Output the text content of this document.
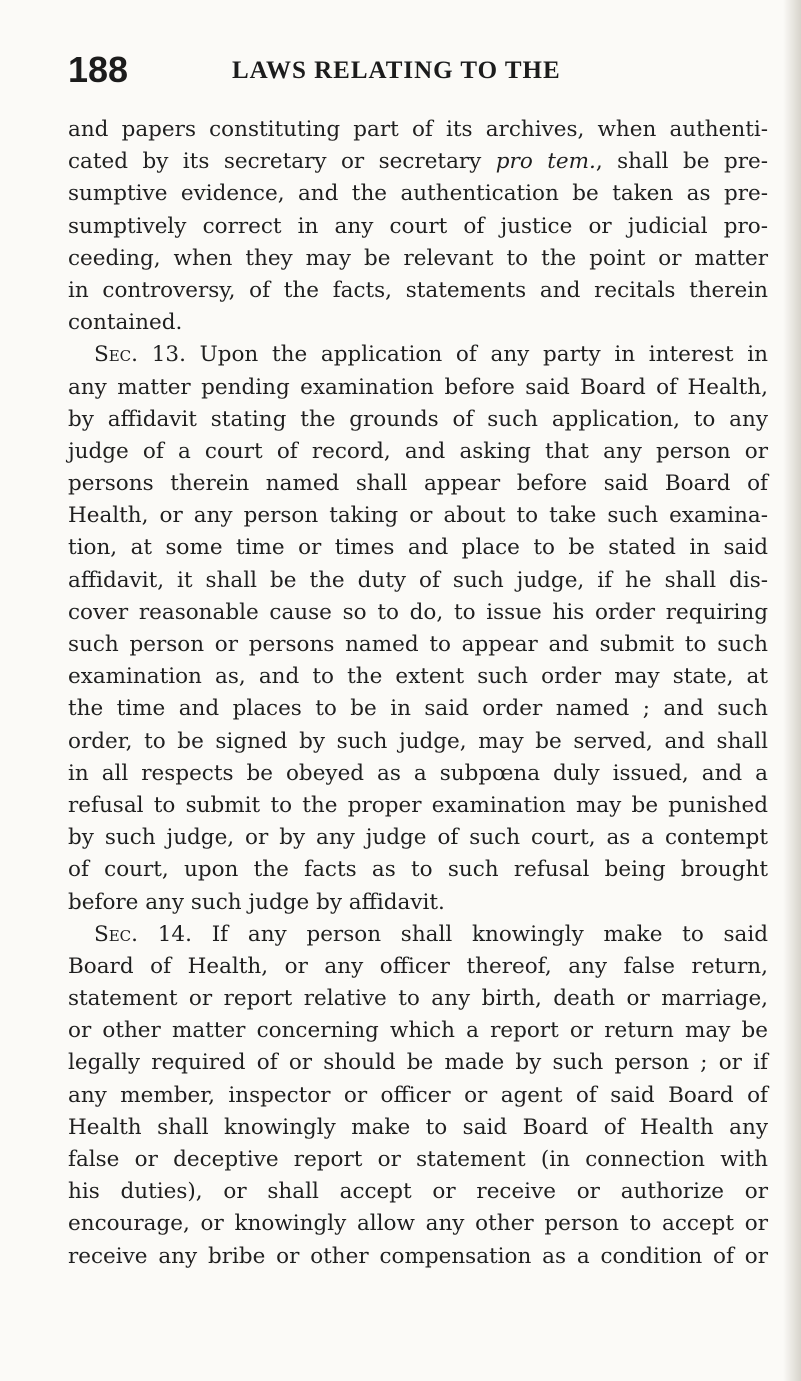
188	LAWS RELATING TO THE
and papers constituting part of its archives, when authenti-
cated by its secretary or secretary pro tem., shall be pre-
sumptive evidence, and the authentication be taken as pre-
sumptively correct in any court of justice or judicial pro-
ceeding, when they may be relevant to the point or matter
in controversy, of the facts, statements and recitals therein
contained.
Sec. 13. Upon the application of any party in interest in
any matter pending examination before said Board of Health,
by affidavit stating the grounds of such application, to any
judge of a court of record, and asking that any person or
persons therein named shall appear before said Board of
Health, or any person taking or about to take such examina-
tion, at some time or times and place to be stated in said
affidavit, it shall be the duty of such judge, if he shall dis-
cover reasonable cause so to do, to issue his order requiring
such person or persons named to appear and submit to such
examination as, and to the extent such order may state, at
the time and places to be in said order named ; and such
order, to be signed by such judge, may be served, and shall
in all respects be obeyed as a subpœna duly issued, and a
refusal to submit to the proper examination may be punished
by such judge, or by any judge of such court, as a contempt
of court, upon the facts as to such refusal being brought
before any such judge by affidavit.
Sec. 14. If any person shall knowingly make to said
Board of Health, or any officer thereof, any false return,
statement or report relative to any birth, death or marriage,
or other matter concerning which a report or return may be
legally required of or should be made by such person ; or if
any member, inspector or officer or agent of said Board of
Health shall knowingly make to said Board of Health any
false or deceptive report or statement (in connection with
his duties), or shall accept or receive or authorize or
encourage, or knowingly allow any other person to accept or
receive any bribe or other compensation as a condition of or
